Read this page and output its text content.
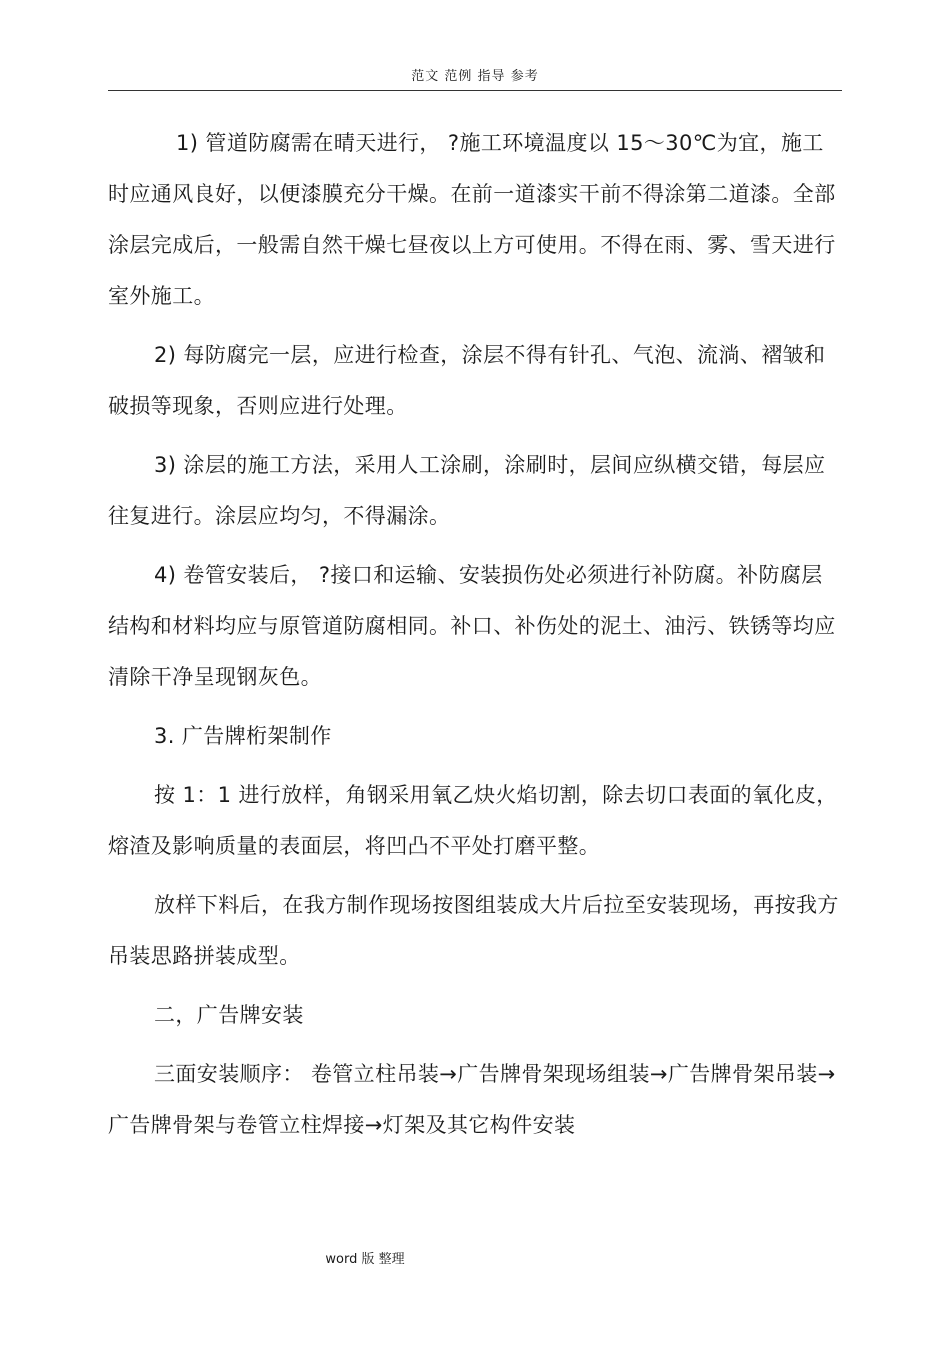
范文 范例 指导 参考

1) 管道防腐需在晴天进行， ?施工环境温度以 15～30℃为宜，施工时应通风良好，以便漆膜充分干燥。在前一道漆实干前不得涂第二道漆。全部涂层完成后，一般需自然干燥七昼夜以上方可使用。不得在雨、雾、雪天进行室外施工。

2) 每防腐完一层，应进行检查，涂层不得有针孔、气泡、流淌、褶皱和破损等现象，否则应进行处理。

3) 涂层的施工方法，采用人工涂刷，涂刷时，层间应纵横交错，每层应往复进行。涂层应均匀，不得漏涂。

4) 卷管安装后， ?接口和运输、安装损伤处必须进行补防腐。补防腐层结构和材料均应与原管道防腐相同。补口、补伤处的泥土、油污、铁锈等均应清除干净呈现钢灰色。

3. 广告牌桁架制作

按 1：1 进行放样，角钢采用氧乙炔火焰切割，除去切口表面的氧化皮，熔渣及影响质量的表面层，将凹凸不平处打磨平整。

放样下料后，在我方制作现场按图组装成大片后拉至安装现场，再按我方吊装思路拼装成型。

二，广告牌安装

三面安装顺序： 卷管立柱吊装→广告牌骨架现场组装→广告牌骨架吊装→广告牌骨架与卷管立柱焊接→灯架及其它构件安装

word 版 整理
